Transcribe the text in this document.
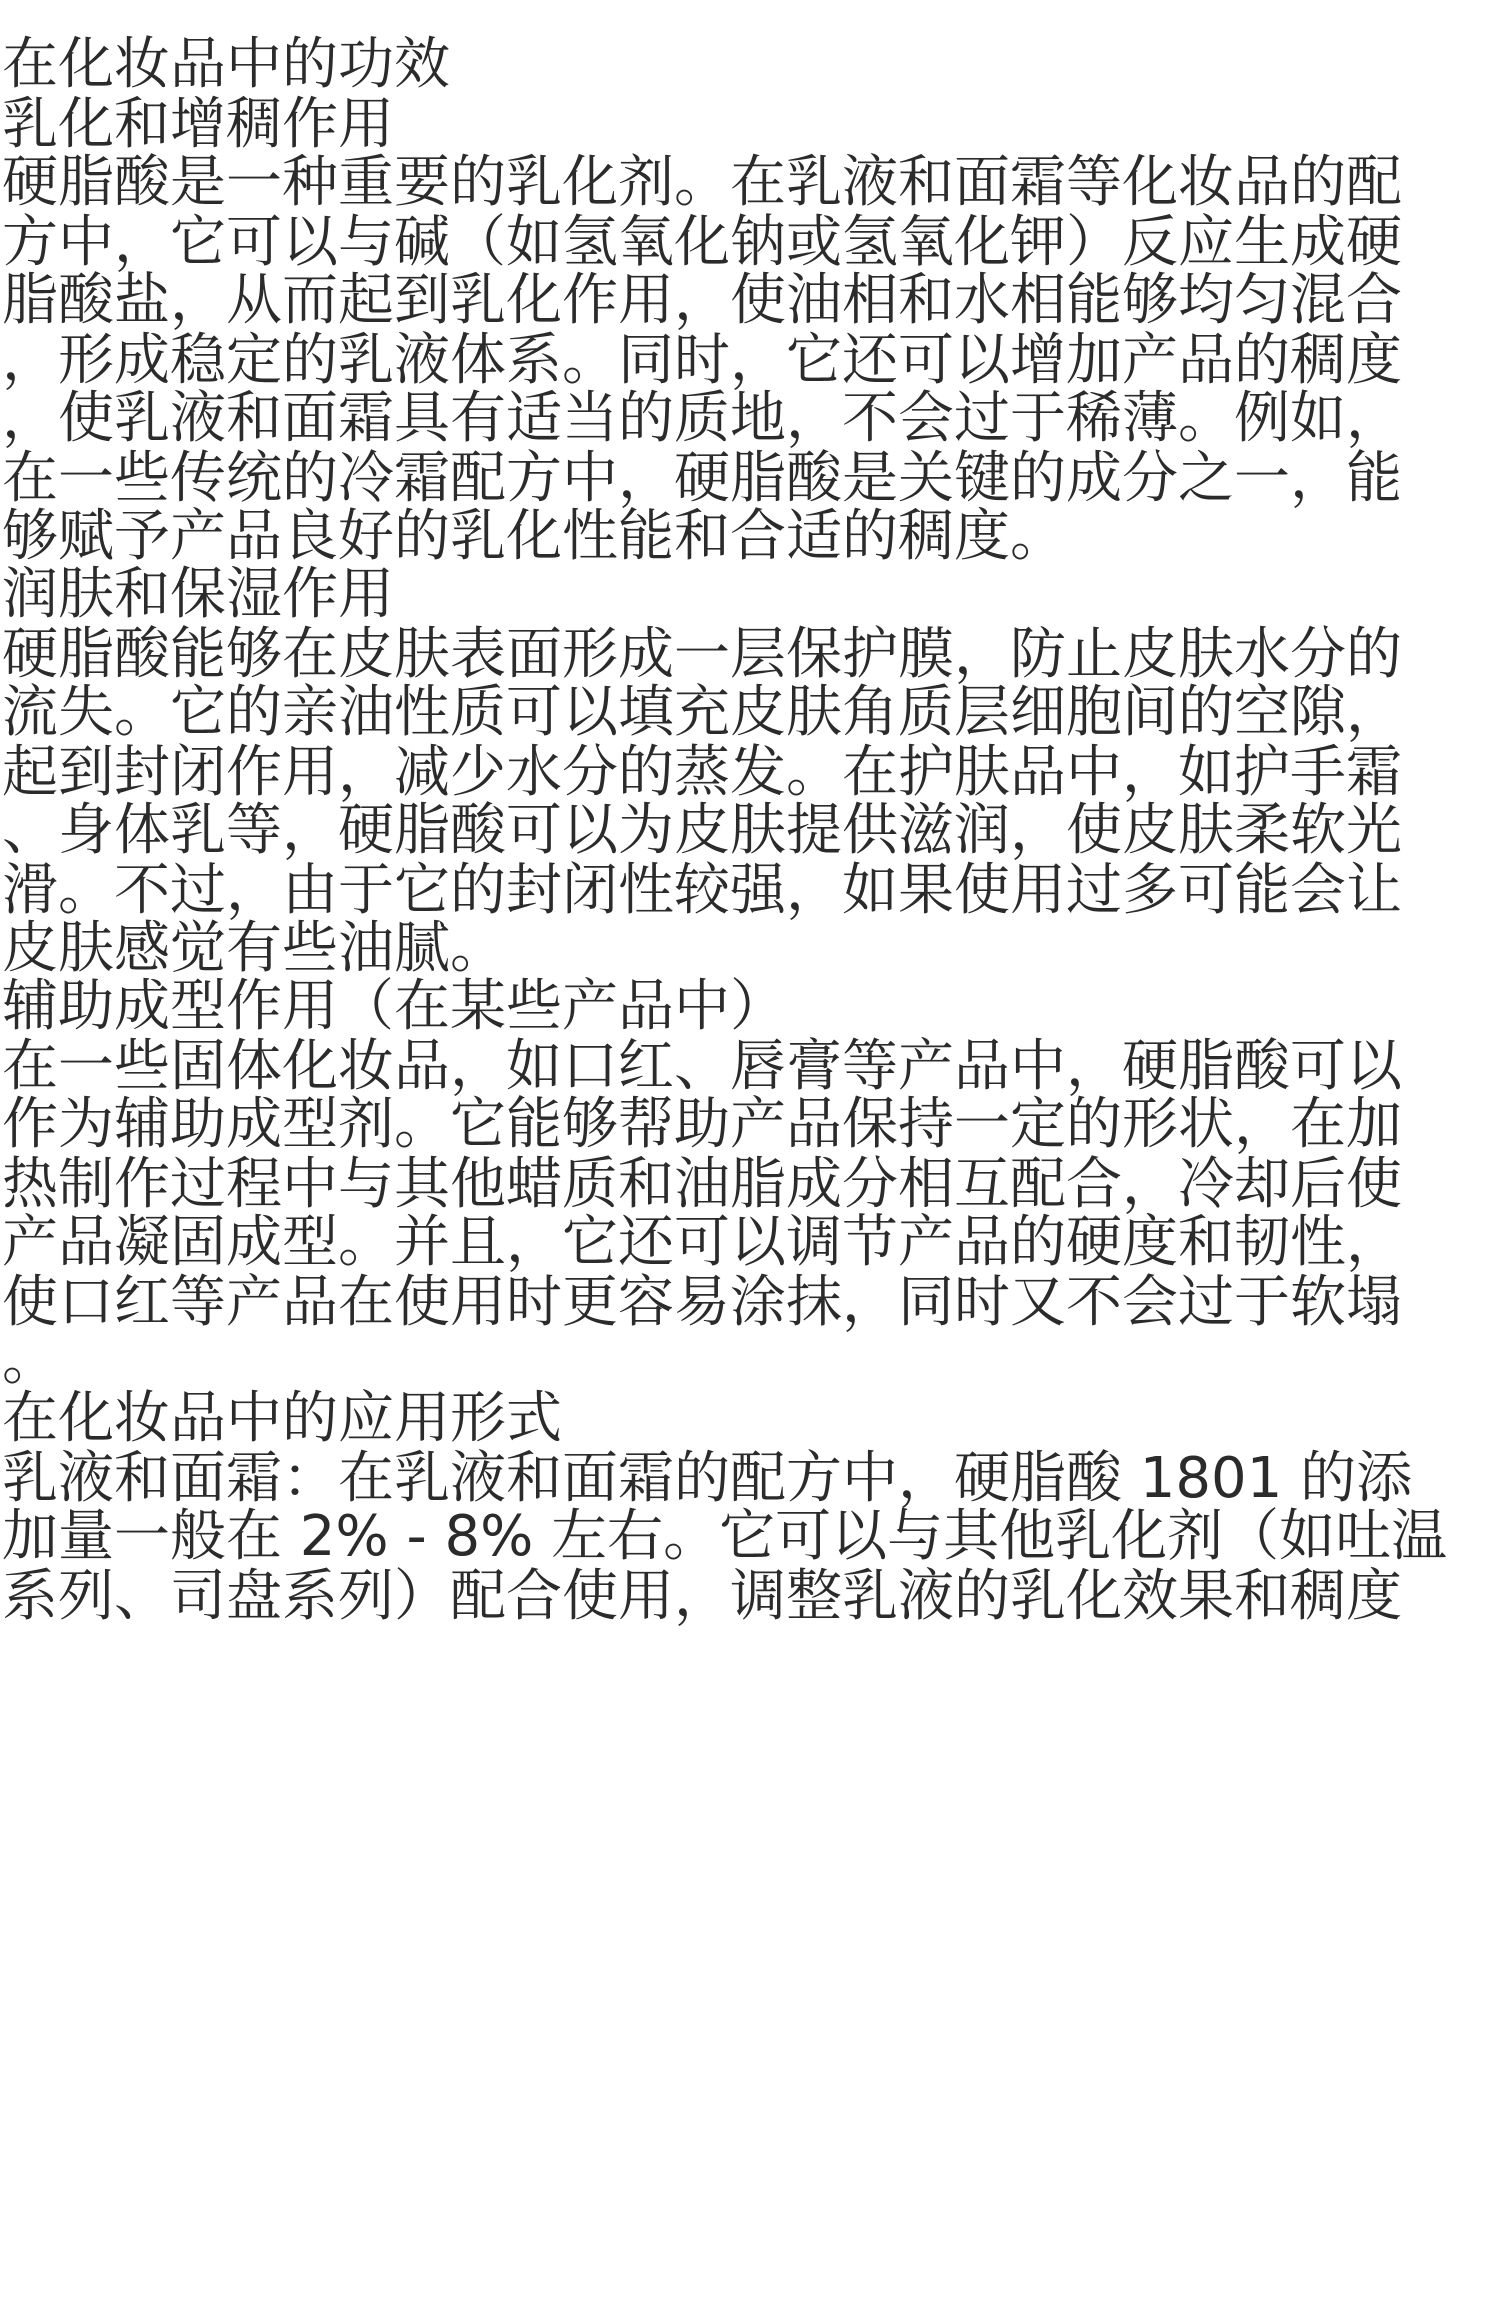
在化妆品中的功效

乳化和增稠作用

硬脂酸是一种重要的乳化剂。在乳液和面霜等化妆品的配

方中，它可以与碱（如氢氧化钠或氢氧化钾）反应生成硬

脂酸盐，从而起到乳化作用，使油相和水相能够均匀混合

，形成稳定的乳液体系。同时，它还可以增加产品的稠度

，使乳液和面霜具有适当的质地，不会过于稀薄。例如，

在一些传统的冷霜配方中，硬脂酸是关键的成分之一，能

够赋予产品良好的乳化性能和合适的稠度。

润肤和保湿作用

硬脂酸能够在皮肤表面形成一层保护膜，防止皮肤水分的

流失。它的亲油性质可以填充皮肤角质层细胞间的空隙，

起到封闭作用，减少水分的蒸发。在护肤品中，如护手霜

、身体乳等，硬脂酸可以为皮肤提供滋润，使皮肤柔软光

滑。不过，由于它的封闭性较强，如果使用过多可能会让

皮肤感觉有些油腻。

辅助成型作用（在某些产品中）

在一些固体化妆品，如口红、唇膏等产品中，硬脂酸可以

作为辅助成型剂。它能够帮助产品保持一定的形状，在加

热制作过程中与其他蜡质和油脂成分相互配合，冷却后使

产品凝固成型。并且，它还可以调节产品的硬度和韧性，

使口红等产品在使用时更容易涂抹，同时又不会过于软塌

。

在化妆品中的应用形式

乳液和面霜：在乳液和面霜的配方中，硬脂酸 1801 的添

加量一般在 2% - 8% 左右。它可以与其他乳化剂（如吐温

系列、司盘系列）配合使用，调整乳液的乳化效果和稠度
